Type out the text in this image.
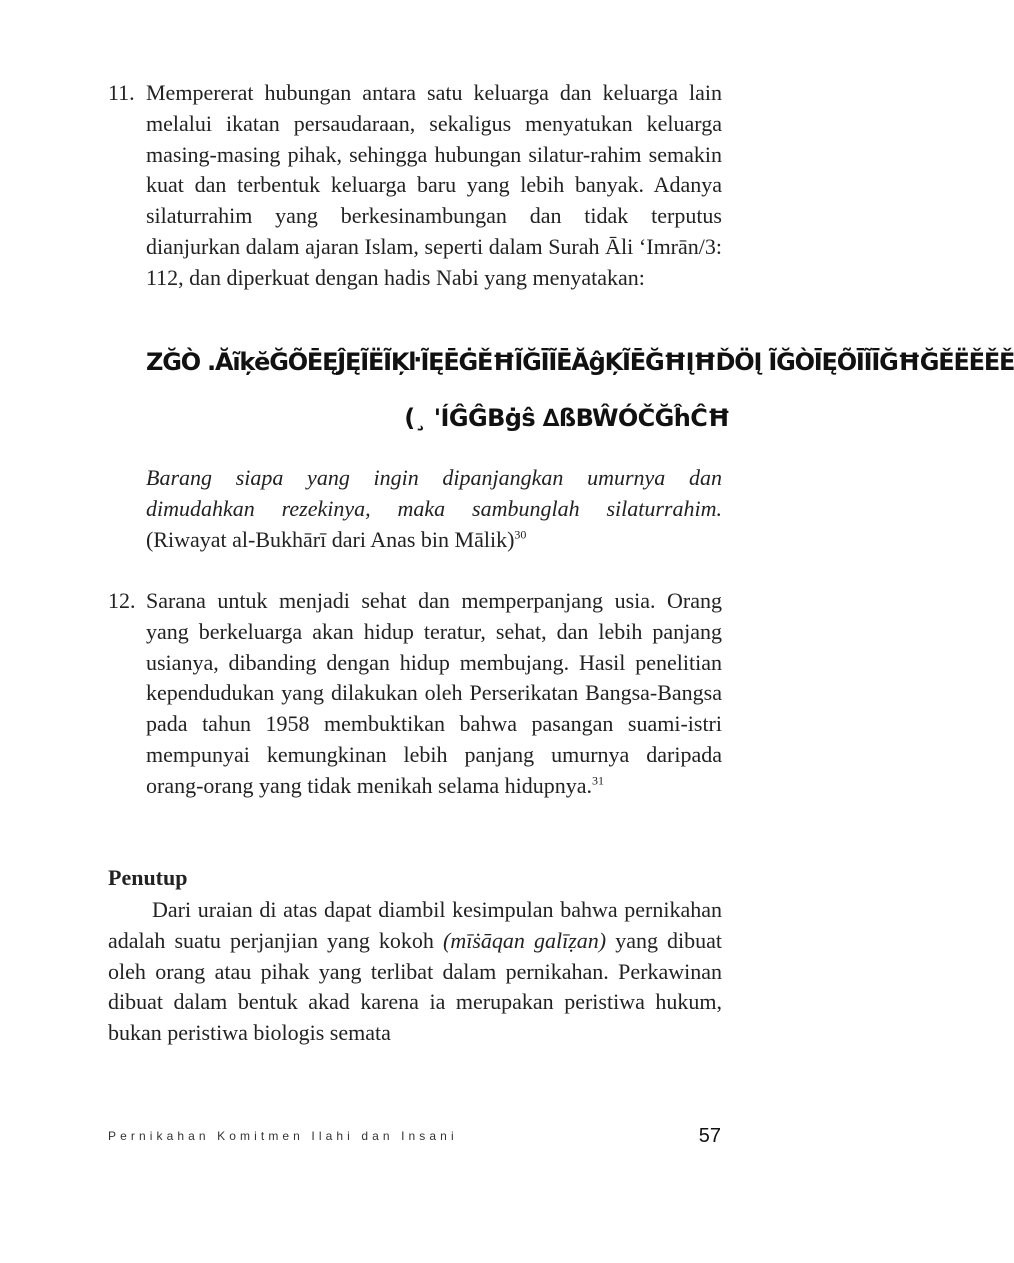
11. Mempererat hubungan antara satu keluarga dan keluarga lain melalui ikatan persaudaraan, sekaligus menyatukan keluarga masing-masing pihak, sehingga hubungan silatur-rahim semakin kuat dan terbentuk keluarga baru yang lebih banyak. Adanya silaturrahim yang berkesinambungan dan tidak terputus dianjurkan dalam ajaran Islam, seperti dalam Surah Āli ‘Imrān/3: 112, dan diperkuat dengan hadis Nabi yang menyatakan:
ZĞÒ .ĂĩķĕĞÕĒĘĴĘĨËĨĶŀĨĘĒĠĚĦĨĞĪĨĒĂĝĶĨĒĞĦĮĦĎÖĮ ĨĞÒĪĘÕĪĨĪĞĦĞĚËĚĚĚ
(¸ 'ÍĜĜBġŝ ∆ßBŴÓČĞĥĈĦ
Barang siapa yang ingin dipanjangkan umurnya dan dimudahkan rezekinya, maka sambunglah silaturrahim. (Riwayat al-Bukhārī dari Anas bin Mālik)$^{30}$
12. Sarana untuk menjadi sehat dan memperpanjang usia. Orang yang berkeluarga akan hidup teratur, sehat, dan lebih panjang usianya, dibanding dengan hidup membujang. Hasil penelitian kependudukan yang dilakukan oleh Perserikatan Bangsa-Bangsa pada tahun 1958 membuktikan bahwa pasangan suami-istri mempunyai kemungkinan lebih panjang umurnya daripada orang-orang yang tidak menikah selama hidupnya.$^{31}$
Penutup
Dari uraian di atas dapat diambil kesimpulan bahwa pernikahan adalah suatu perjanjian yang kokoh (mīṡāqan galīẓan) yang dibuat oleh orang atau pihak yang terlibat dalam pernikahan. Perkawinan dibuat dalam bentuk akad karena ia merupakan peristiwa hukum, bukan peristiwa biologis semata
Pernikahan Komitmen Ilahi dan Insani	57
